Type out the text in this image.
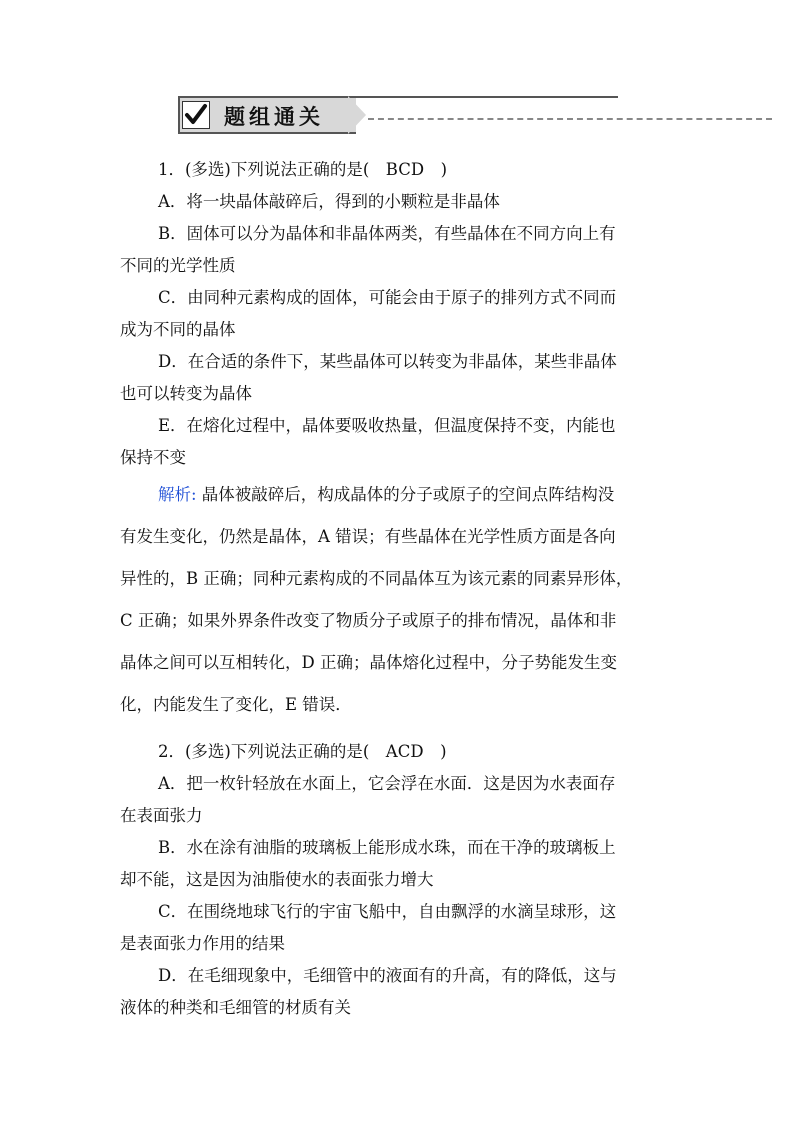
题组通关
1．(多选)下列说法正确的是(　BCD　)
A．将一块晶体敲碎后，得到的小颗粒是非晶体
B．固体可以分为晶体和非晶体两类，有些晶体在不同方向上有
不同的光学性质
C．由同种元素构成的固体，可能会由于原子的排列方式不同而
成为不同的晶体
D．在合适的条件下，某些晶体可以转变为非晶体，某些非晶体
也可以转变为晶体
E．在熔化过程中，晶体要吸收热量，但温度保持不变，内能也
保持不变
解析: 晶体被敲碎后，构成晶体的分子或原子的空间点阵结构没
有发生变化，仍然是晶体，A 错误；有些晶体在光学性质方面是各向
异性的，B 正确；同种元素构成的不同晶体互为该元素的同素异形体，
C 正确；如果外界条件改变了物质分子或原子的排布情况，晶体和非
晶体之间可以互相转化，D 正确；晶体熔化过程中，分子势能发生变
化，内能发生了变化，E 错误．
2．(多选)下列说法正确的是(　ACD　)
A．把一枚针轻放在水面上，它会浮在水面．这是因为水表面存
在表面张力
B．水在涂有油脂的玻璃板上能形成水珠，而在干净的玻璃板上
却不能，这是因为油脂使水的表面张力增大
C．在围绕地球飞行的宇宙飞船中，自由飘浮的水滴呈球形，这
是表面张力作用的结果
D．在毛细现象中，毛细管中的液面有的升高，有的降低，这与
液体的种类和毛细管的材质有关
